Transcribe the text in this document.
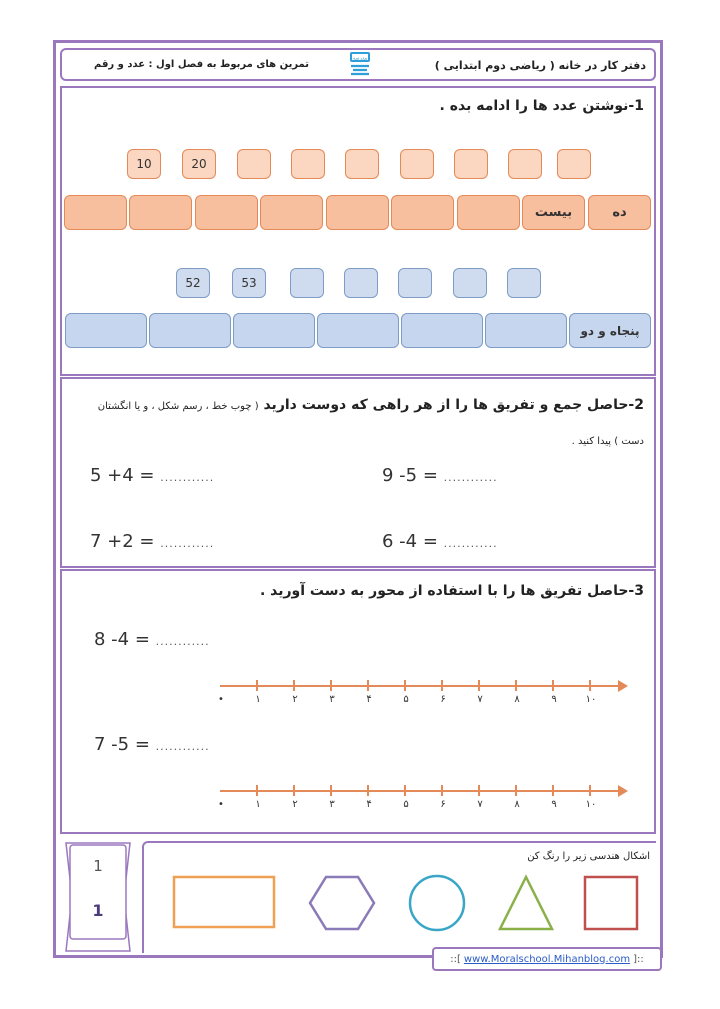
دفتر کار در خانه ( ریاضی دوم ابتدایی )
تمرین های مربوط به فصل اول : عدد و رقم
مدرسه
1-نوشتن عدد ها را ادامه بده .
10	20
بیست	ده
52	53
پنجاه و دو
2-حاصل جمع و تفریق ها را از هر راهی که دوست دارید ( چوب خط ، رسم شکل ، و یا انگشتان
دست ) پیدا کنید .
5 +4 = ............	9 -5 = ............
7 +2 = ............	6 -4 = ............
3-حاصل تفریق ها را با استفاده از محور به دست آورید .
8 -4 = ............
7 -5 = ............
•	۱	۲	۳	۴	۵	۶	۷	۸	۹	۱۰
•	۱	۲	۳	۴	۵	۶	۷	۸	۹	۱۰
1
1
اشکال هندسی زیر را رنگ کن
::[ www.Moralschool.Mihanblog.com ]::
